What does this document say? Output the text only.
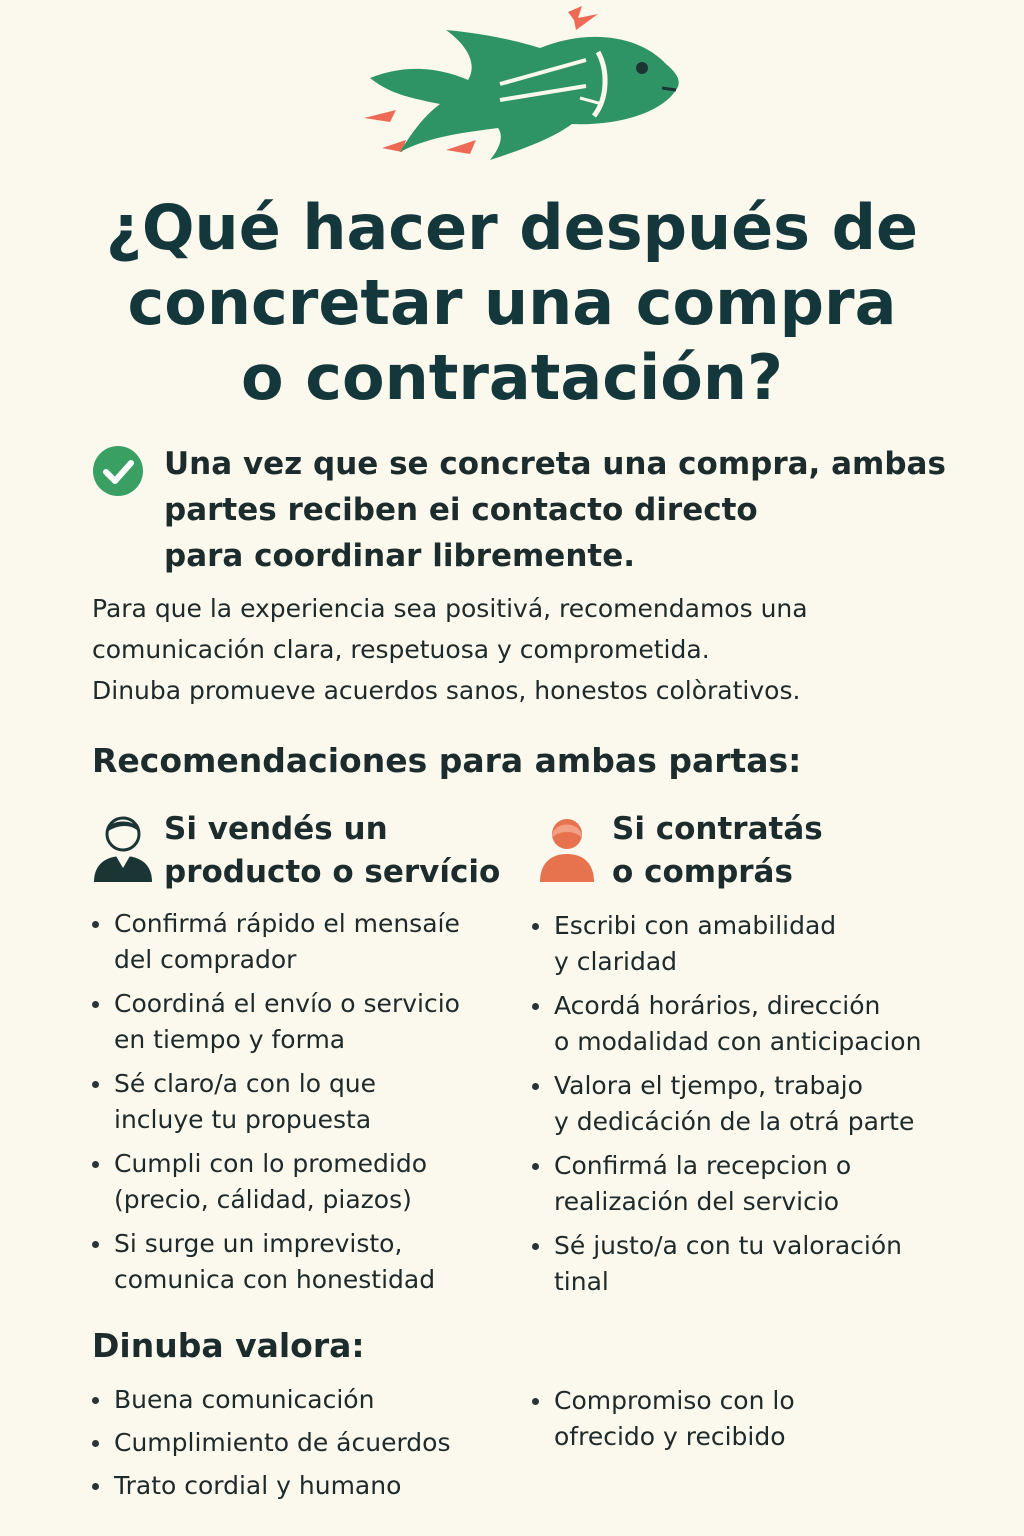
¿Qué hacer después de
concretar una compra
o contratación?

Una vez que se concreta una compra, ambas
partes reciben ei contacto directo
para coordinar libremente.

Para que la experiencia sea positivá, recomendamos una
comunicación clara, respetuosa y comprometida.
Dinuba promueve acuerdos sanos, honestos colòrativos.

Recomendaciones para ambas partas:
Si vendés un
producto o servício
Confirmá rápido el mensaíe
del comprador
Coordiná el envío o servicio
en tiempo y forma
Sé claro/a con lo que
incluye tu propuesta
Cumpli con lo promedido
(precio, cálidad, piazos)
Si surge un imprevisto,
comunica con honestidad
Si contratás
o comprás
Escribi con amabilidad
y claridad
Acordá horários, dirección
o modalidad con anticipacion
Valora el tjempo, trabajo
y dedicáción de la otrá parte
Confirmá la recepcion o
realización del servicio
Sé justo/a con tu valoración
tinal
Dinuba valora:
Buena comunicación
Cumplimiento de ácuerdos
Trato cordial y humano
Compromiso con lo
ofrecido y recibido
